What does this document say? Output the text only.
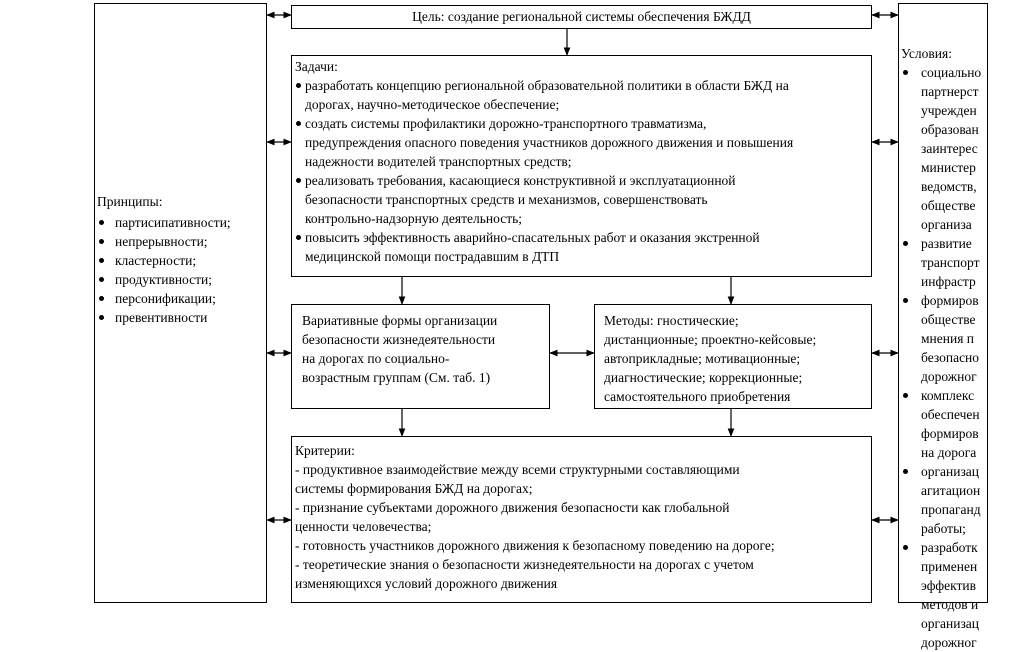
Принципы:
партисипативности;
непрерывности;
кластерности;
продуктивности;
персонификации;
превентивности
Цель: создание региональной системы обеспечения БЖДД
Задачи:
разработать концепцию региональной образовательной политики в области БЖД на
дорогах, научно-методическое обеспечение;
создать системы профилактики дорожно-транспортного травматизма,
предупреждения опасного поведения участников дорожного движения и повышения
надежности водителей транспортных средств;
реализовать требования, касающиеся конструктивной и эксплуатационной
безопасности транспортных средств и механизмов, совершенствовать
контрольно-надзорную деятельность;
повысить эффективность аварийно-спасательных работ и оказания экстренной
медицинской помощи пострадавшим в ДТП
Вариативные формы организации
безопасности жизнедеятельности
на дорогах по социально-
возрастным группам (См. таб. 1)
Методы: гностические;
дистанционные; проектно-кейсовые;
автоприкладные; мотивационные;
диагностические; коррекционные;
самостоятельного приобретения
Критерии:
- продуктивное взаимодействие между всеми структурными составляющими
системы формирования БЖД на дорогах;
- признание субъектами дорожного движения безопасности как глобальной
ценности человечества;
- готовность участников дорожного движения к безопасному поведению на дороге;
- теоретические знания о безопасности жизнедеятельности на дорогах с учетом
изменяющихся условий дорожного движения
Условия:
социально
партнерст
учрежден
образован
заинтерес
министер
ведомств,
обществе
организа
развитие
транспорт
инфрастр
формиров
обществе
мнения п
безопасно
дорожног
комплекс
обеспечен
формиров
на дорога
организац
агитацион
пропаганд
работы;
разработк
применен
эффектив
методов и
организац
дорожног
